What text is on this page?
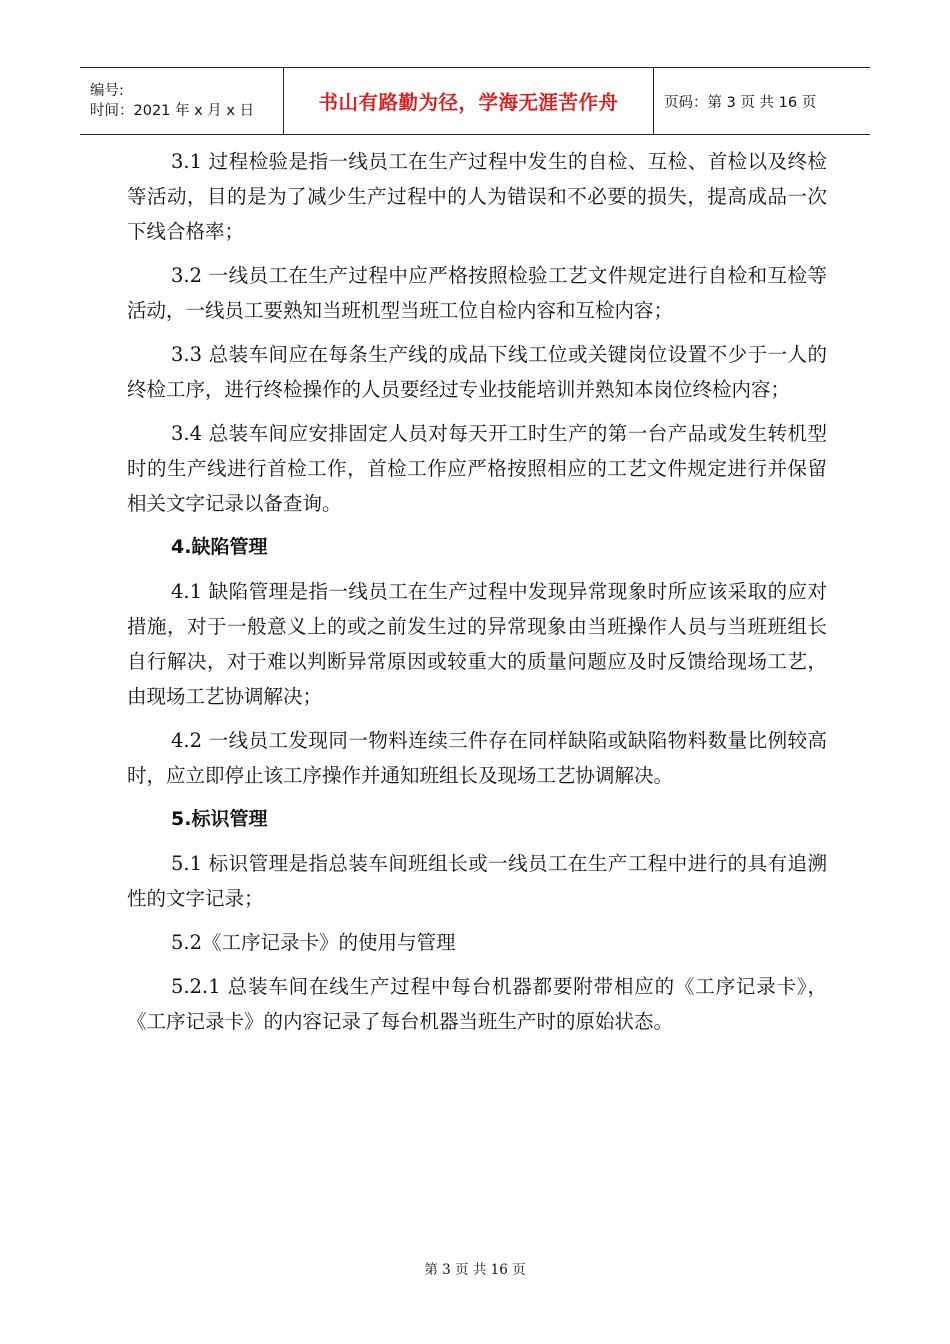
编号:
时间：2021 年 x 月 x 日	书山有路勤为径，学海无涯苦作舟	页码：第 3 页 共 16 页

3.1 过程检验是指一线员工在生产过程中发生的自检、互检、首检以及终检等活动，目的是为了减少生产过程中的人为错误和不必要的损失，提高成品一次下线合格率；

3.2 一线员工在生产过程中应严格按照检验工艺文件规定进行自检和互检等活动，一线员工要熟知当班机型当班工位自检内容和互检内容；

3.3 总装车间应在每条生产线的成品下线工位或关键岗位设置不少于一人的终检工序，进行终检操作的人员要经过专业技能培训并熟知本岗位终检内容；

3.4 总装车间应安排固定人员对每天开工时生产的第一台产品或发生转机型时的生产线进行首检工作，首检工作应严格按照相应的工艺文件规定进行并保留相关文字记录以备查询。

4.缺陷管理

4.1 缺陷管理是指一线员工在生产过程中发现异常现象时所应该采取的应对措施，对于一般意义上的或之前发生过的异常现象由当班操作人员与当班班组长自行解决，对于难以判断异常原因或较重大的质量问题应及时反馈给现场工艺，由现场工艺协调解决；

4.2 一线员工发现同一物料连续三件存在同样缺陷或缺陷物料数量比例较高时，应立即停止该工序操作并通知班组长及现场工艺协调解决。

5.标识管理

5.1 标识管理是指总装车间班组长或一线员工在生产工程中进行的具有追溯性的文字记录；

5.2《工序记录卡》的使用与管理

5.2.1 总装车间在线生产过程中每台机器都要附带相应的《工序记录卡》，《工序记录卡》的内容记录了每台机器当班生产时的原始状态。

第 3 页 共 16 页
